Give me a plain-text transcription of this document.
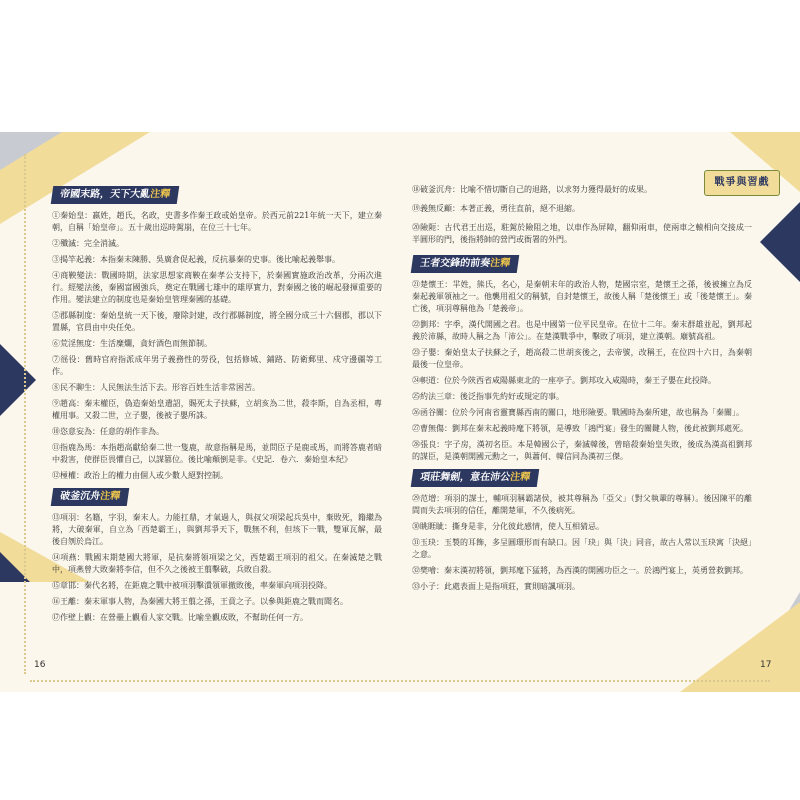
戰爭與習戲
帝國末路，天下大亂注釋
①秦始皇：嬴姓，趙氏，名政，史書多作秦王政或始皇帝。於西元前221年統一天下，建立秦朝，自稱「始皇帝」。五十歲出巡時駕崩，在位三十七年。
②殲滅：完全消滅。
③揭竿起義：本指秦末陳勝、吳廣倉促起義，反抗暴秦的史事。後比喻起義舉事。
④商鞅變法：戰國時期，法家思想家商鞅在秦孝公支持下，於秦國實施政治改革，分兩次進行。經變法後，秦國富國強兵，奠定在戰國七雄中的雄厚實力，對秦國之後的崛起發揮重要的作用。變法建立的制度也是秦始皇管理秦國的基礎。
⑤郡縣制度：秦始皇統一天下後，廢除封建，改行郡縣制度，將全國分成三十六個郡，郡以下置縣，官員由中央任免。
⑥荒淫無度：生活糜爛，貪好酒色而無節制。
⑦徭役：舊時官府指派成年男子義務性的勞役，包括修城、鋪路、防衛郵里、戍守邊疆等工作。
⑧民不聊生：人民無法生活下去。形容百姓生活非常困苦。
⑨趙高：秦末權臣，偽造秦始皇遺詔，賜死太子扶蘇，立胡亥為二世，殺李斯，自為丞相，專權用事。又殺二世，立子嬰，後被子嬰所誅。
⑩恣意妄為：任意的胡作非為。
⑪指鹿為馬：本指趙高獻給秦二世一隻鹿，故意指稱是馬，並問臣子是鹿或馬，而將答鹿者暗中殺害，使群臣畏懼自己，以謀篡位。後比喻顛倒是非。《史記．卷六．秦始皇本紀》
⑫極權：政治上的權力由個人或少數人絕對控制。
破釜沉舟注釋
⑬項羽：名籍，字羽，秦末人。力能扛鼎，才氣過人，與叔父項梁起兵吳中，棄敗死，籍繼為將，大破秦軍，自立為「西楚霸王」，與劉邦爭天下，戰無不利，但垓下一戰，雙軍瓦解，最後自刎於烏江。
⑭項燕：戰國末期楚國大將軍，是抗秦將領項梁之父，西楚霸王項羽的祖父。在秦滅楚之戰中，項燕曾大敗秦將李信，但不久之後被王翦擊破，兵敗自殺。
⑮章邯：秦代名將，在鉅鹿之戰中被項羽擊潰領軍撤敗後，率秦軍向項羽投降。
⑯王離：秦末軍事人物，為秦國大將王翦之孫，王賁之子。以參與鉅鹿之戰而聞名。
⑰作壁上觀：在營壘上觀看人家交戰。比喻坐觀成敗，不幫助任何一方。
⑱破釜沉舟：比喻不惜切斷自己的退路，以求努力獲得最好的成果。
⑲義無反顧：本著正義，勇往直前，絕不退縮。
⑳險阨：古代君王出巡，駐駕於險阻之地，以車作為屏障，翻仰兩車，使兩車之轅相向交接成一半圓形的門，後指將帥的營門或衙署的外門。
王者交鋒的前奏注釋
㉑楚懷王：羋姓，熊氏，名心，是秦朝末年的政治人物，楚國宗室，楚懷王之孫，後被擁立為反秦起義軍領袖之一。他襲用祖父的稱號，自封楚懷王，故後人稱「楚後懷王」或「後楚懷王」。秦亡後，項羽尊稱他為「楚義帝」。
㉒劉邦：字季，漢代開國之君。也是中國第一位平民皇帝。在位十二年。秦末群雄並起，劉邦起義於沛縣，故時人稱之為「沛公」。在楚漢戰爭中，擊敗了項羽，建立漢朝。廟號高祖。
㉓子嬰：秦始皇太子扶蘇之子，趙高殺二世胡亥後之，去帝號，改稱王，在位四十六日，為秦朝最後一位皇帝。
㉔軹道：位於今陝西省咸陽縣東北的一座亭子。劉邦攻入咸陽時，秦王子嬰在此投降。
㉕約法三章：後泛指事先約好或規定的事。
㉖函谷關：位於今河南省靈寶縣西南的關口，地形險要。戰國時為秦所建，故也稱為「秦關」。
㉗曹無傷：劉邦在秦末起義時麾下將領，是導致「鴻門宴」發生的關鍵人物，後此被劉邦處死。
㉘張良：字子房，漢初名臣。本是韓國公子，秦滅韓後，曾暗殺秦始皇失敗，後成為漢高祖劉邦的謀臣，是漢朝開國元勳之一，與蕭何、韓信同為漢初三傑。
項莊舞劍，意在沛公注釋
㉙范增：項羽的謀士，輔項羽稱霸諸侯，被其尊稱為「亞父」（對父執輩的尊稱）。後因陳平的離間而失去項羽的信任，離開楚軍，不久後病死。
㉚眺睚眦：撕身是非，分化彼此感情，使人互相猜忌。
㉛玉玦：玉製的耳飾，多呈圓環形而有缺口。因「玦」與「決」同音，故古人常以玉玦寓「決絕」之意。
㉜樊噲：秦末漢初將領，劉邦麾下猛將，為西漢的開國功臣之一。於鴻門宴上，英勇營救劉邦。
㉝小子：此處表面上是指項莊，實則暗諷項羽。
16	17
